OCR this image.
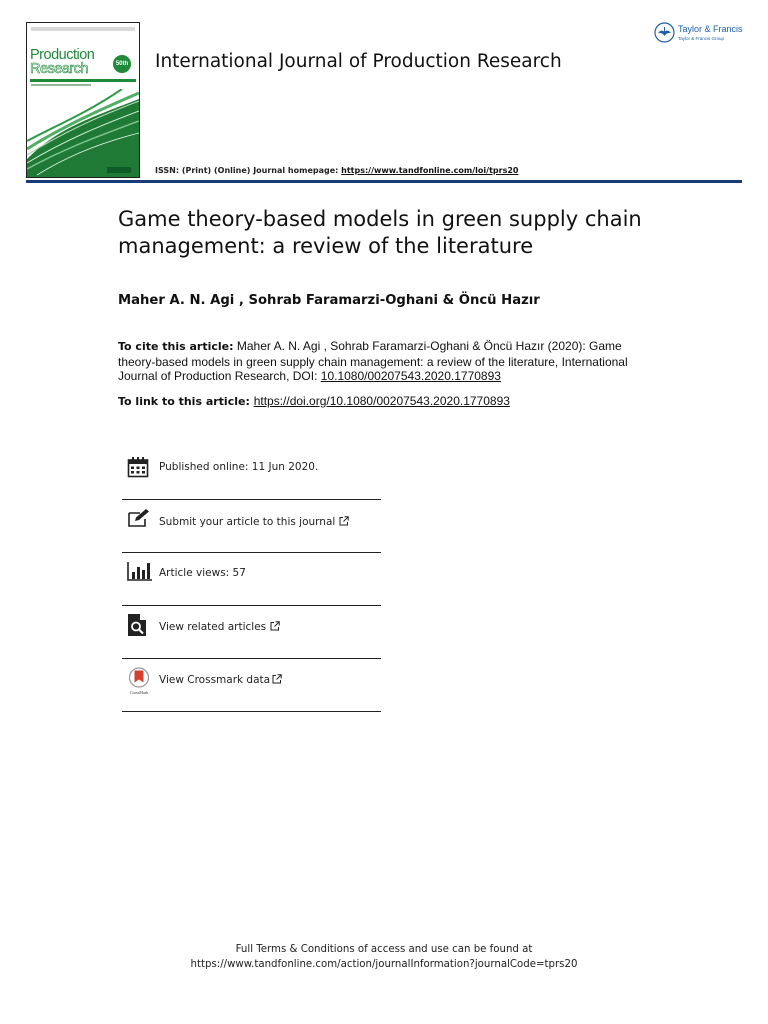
Production
Research	50th International Journal of Production Research
Taylor & Francis
Taylor & Francis Group
ISSN: (Print) (Online) Journal homepage: https://www.tandfonline.com/loi/tprs20
Game theory-based models in green supply chain management: a review of the literature
Maher A. N. Agi , Sohrab Faramarzi-Oghani & Öncü Hazır
To cite this article: Maher A. N. Agi , Sohrab Faramarzi-Oghani & Öncü Hazır (2020): Game theory-based models in green supply chain management: a review of the literature, International Journal of Production Research, DOI: 10.1080/00207543.2020.1770893
To link to this article: https://doi.org/10.1080/00207543.2020.1770893
Published online: 11 Jun 2020.
Submit your article to this journal
Article views: 57
View related articles
CrossMark
View Crossmark data
Full Terms & Conditions of access and use can be found at
https://www.tandfonline.com/action/journalInformation?journalCode=tprs20
